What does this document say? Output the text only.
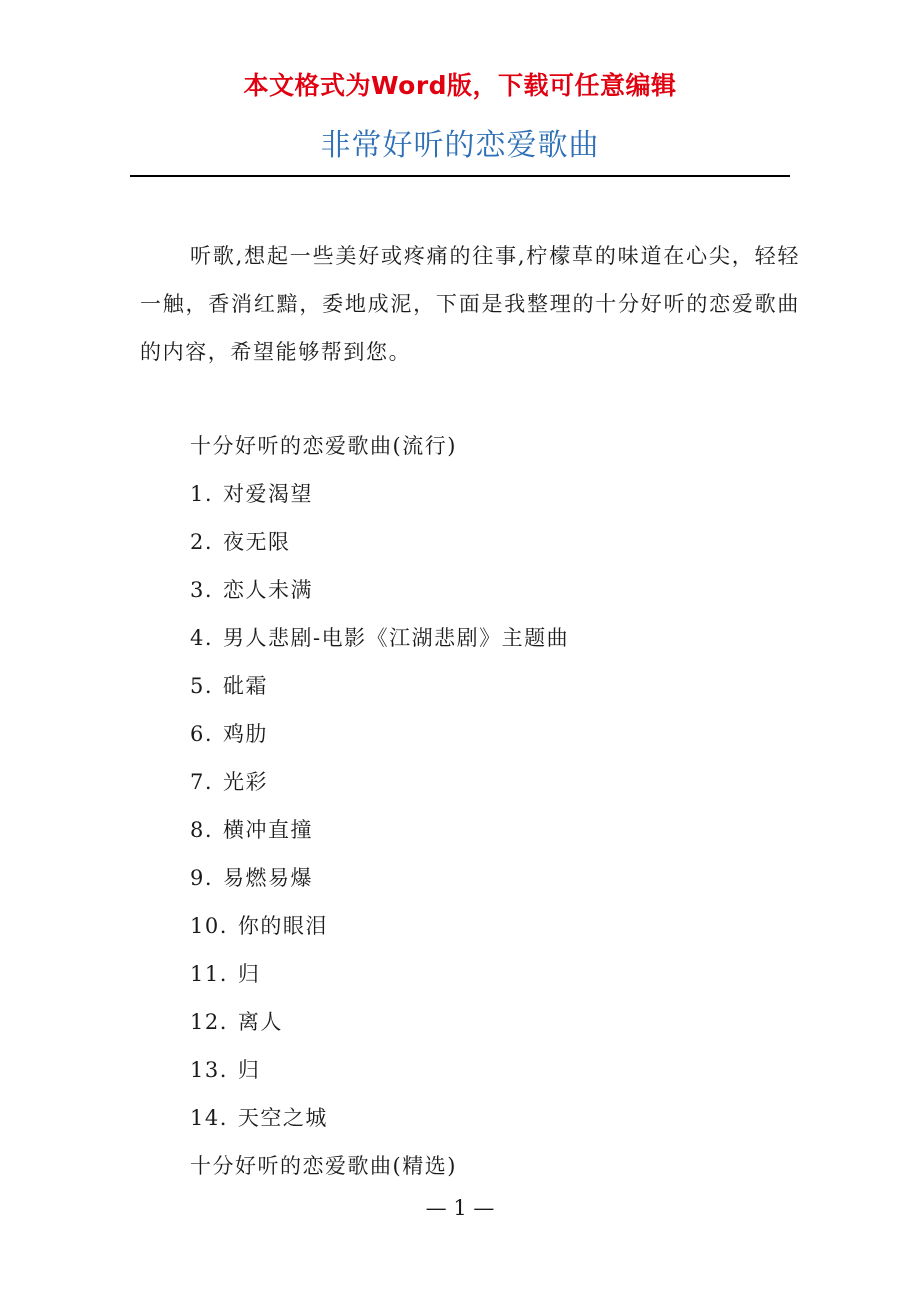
本文格式为Word版，下载可任意编辑
非常好听的恋爱歌曲

听歌,想起一些美好或疼痛的往事,柠檬草的味道在心尖，轻轻一触，香消红黯，委地成泥，下面是我整理的十分好听的恋爱歌曲的内容，希望能够帮到您。

十分好听的恋爱歌曲(流行)
1. 对爱渴望
2. 夜无限
3. 恋人未满
4. 男人悲剧-电影《江湖悲剧》主题曲
5. 砒霜
6. 鸡肋
7. 光彩
8. 横冲直撞
9. 易燃易爆
10. 你的眼泪
11. 归
12. 离人
13. 归
14. 天空之城
十分好听的恋爱歌曲(精选)
— 1 —
